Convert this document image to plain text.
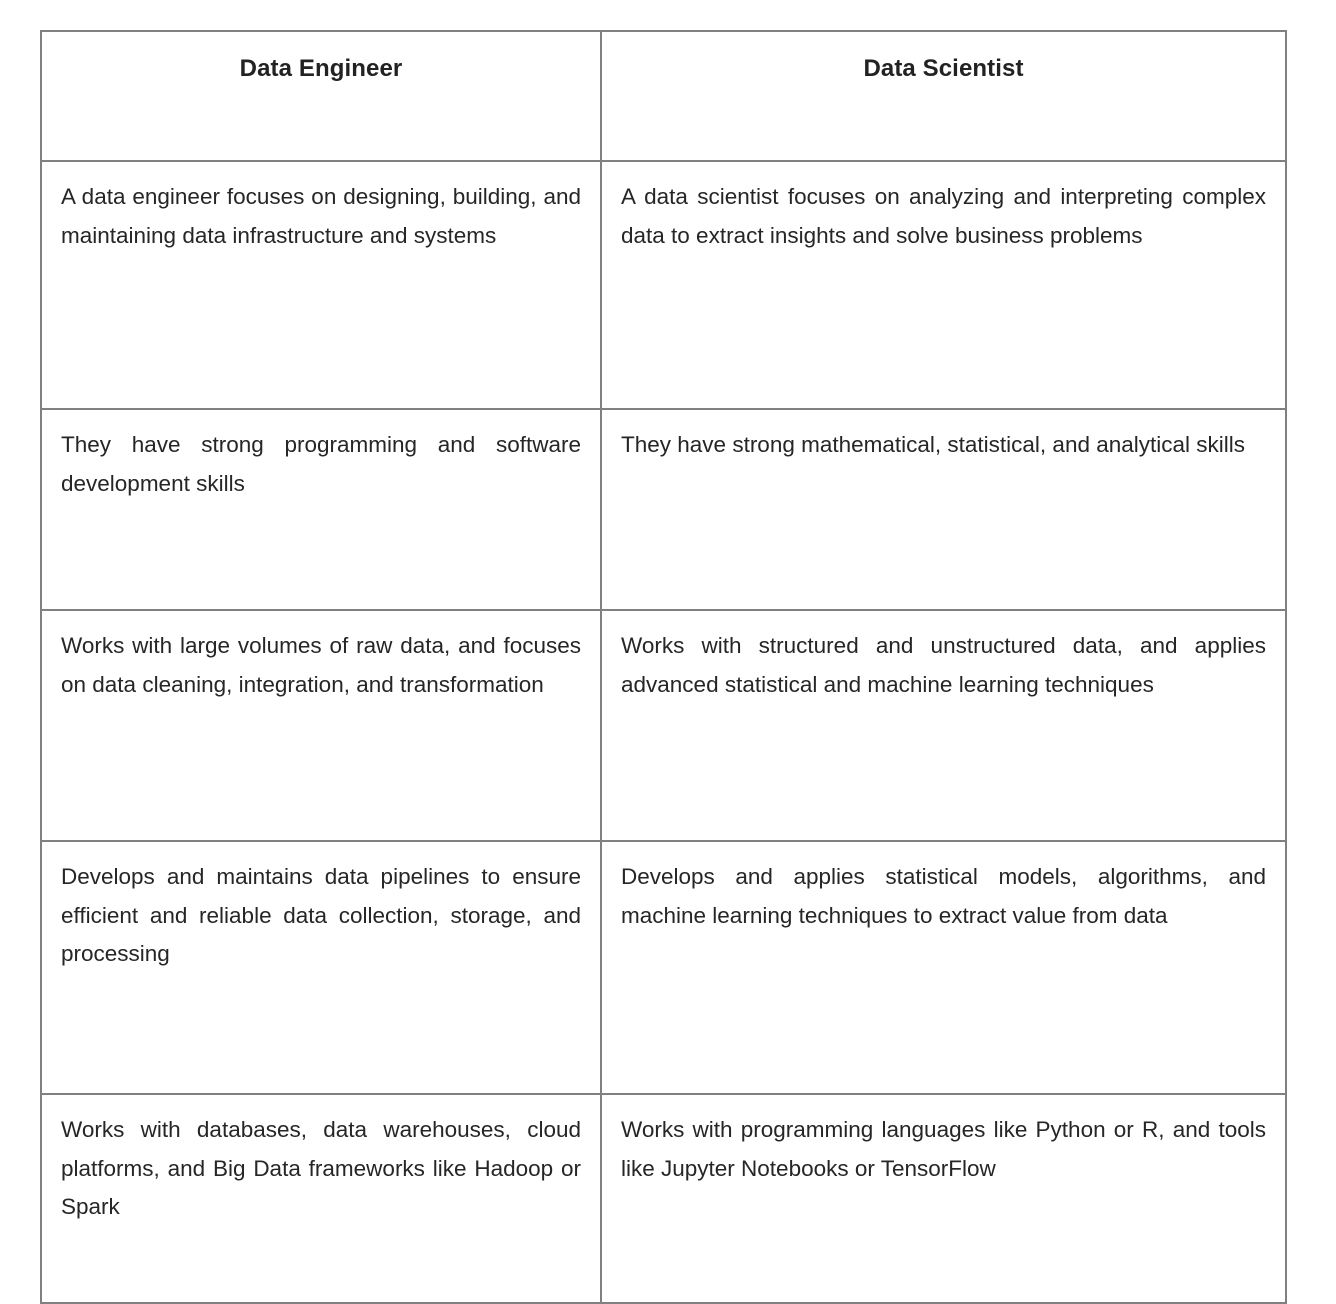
Data Engineer	Data Scientist

A data engineer focuses on designing, building, and maintaining data infrastructure and systems	A data scientist focuses on analyzing and interpreting complex data to extract insights and solve business problems

They have strong programming and software development skills	They have strong mathematical, statistical, and analytical skills

Works with large volumes of raw data, and focuses on data cleaning, integration, and transformation	Works with structured and unstructured data, and applies advanced statistical and machine learning techniques

Develops and maintains data pipelines to ensure efficient and reliable data collection, storage, and processing	Develops and applies statistical models, algorithms, and machine learning techniques to extract value from data

Works with databases, data warehouses, cloud platforms, and Big Data frameworks like Hadoop or Spark	Works with programming languages like Python or R, and tools like Jupyter Notebooks or TensorFlow
